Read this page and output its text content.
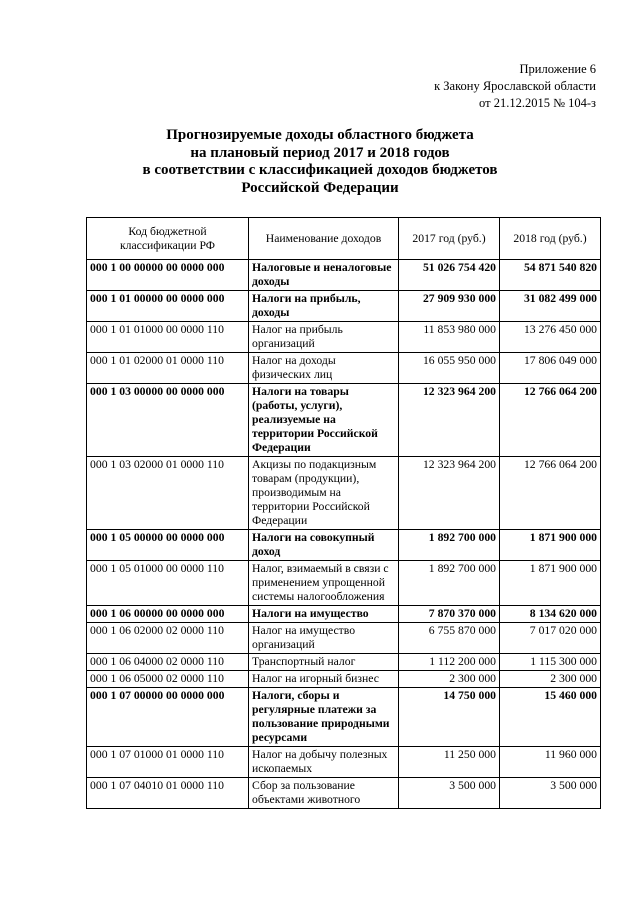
Приложение 6
к Закону Ярославской области
от 21.12.2015 № 104-з
Прогнозируемые доходы областного бюджета
на плановый период 2017 и 2018 годов
в соответствии с классификацией доходов бюджетов
Российской Федерации
Код бюджетной классификации РФ	Наименование доходов	2017 год (руб.)	2018 год (руб.)
000 1 00 00000 00 0000 000	Налоговые и неналоговые доходы	51 026 754 420	54 871 540 820
000 1 01 00000 00 0000 000	Налоги на прибыль, доходы	27 909 930 000	31 082 499 000
000 1 01 01000 00 0000 110	Налог на прибыль организаций	11 853 980 000	13 276 450 000
000 1 01 02000 01 0000 110	Налог на доходы физических лиц	16 055 950 000	17 806 049 000
000 1 03 00000 00 0000 000	Налоги на товары (работы, услуги), реализуемые на территории Российской Федерации	12 323 964 200	12 766 064 200
000 1 03 02000 01 0000 110	Акцизы по подакцизным товарам (продукции), производимым на территории Российской Федерации	12 323 964 200	12 766 064 200
000 1 05 00000 00 0000 000	Налоги на совокупный доход	1 892 700 000	1 871 900 000
000 1 05 01000 00 0000 110	Налог, взимаемый в связи с применением упрощенной системы налогообложения	1 892 700 000	1 871 900 000
000 1 06 00000 00 0000 000	Налоги на имущество	7 870 370 000	8 134 620 000
000 1 06 02000 02 0000 110	Налог на имущество организаций	6 755 870 000	7 017 020 000
000 1 06 04000 02 0000 110	Транспортный налог	1 112 200 000	1 115 300 000
000 1 06 05000 02 0000 110	Налог на игорный бизнес	2 300 000	2 300 000
000 1 07 00000 00 0000 000	Налоги, сборы и регулярные платежи за пользование природными ресурсами	14 750 000	15 460 000
000 1 07 01000 01 0000 110	Налог на добычу полезных ископаемых	11 250 000	11 960 000
000 1 07 04010 01 0000 110	Сбор за пользование объектами животного	3 500 000	3 500 000
